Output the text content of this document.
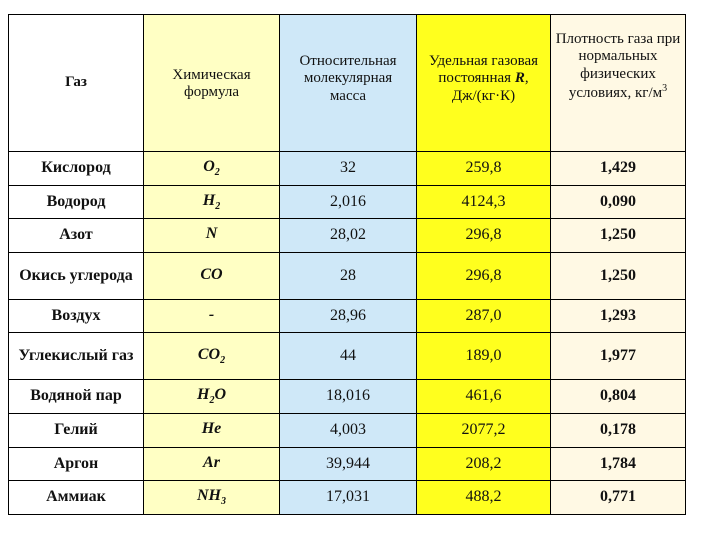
Газ	Химическая формула	Относительная молекулярная масса	Удельная газовая постоянная R, Дж/(кг·К)	Плотность газа при нормальных физических условиях, $кг/м^3$
Кислород	$O_2$	32	259,8	1,429
Водород	$H_2$	2,016	4124,3	0,090
Азот	N	28,02	296,8	1,250
Окись углерода	CO	28	296,8	1,250
Воздух	-	28,96	287,0	1,293
Углекислый газ	$CO_2$	44	189,0	1,977
Водяной пар	$H_2O$	18,016	461,6	0,804
Гелий	He	4,003	2077,2	0,178
Аргон	Ar	39,944	208,2	1,784
Аммиак	$NH_3$	17,031	488,2	0,771
